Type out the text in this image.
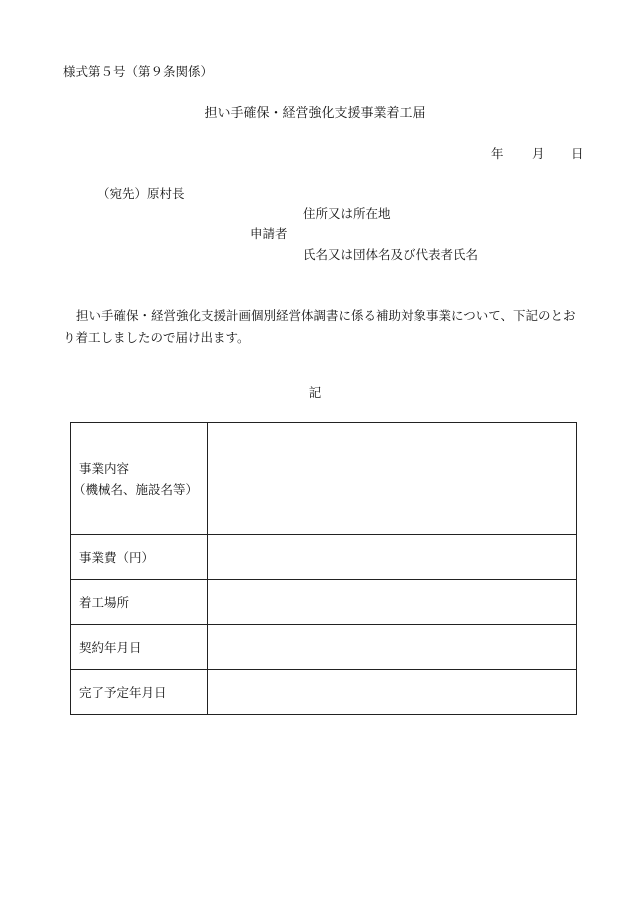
様式第５号（第９条関係）
担い手確保・経営強化支援事業着工届
年 月 日
（宛先）原村長
住所又は所在地
申請者
氏名又は団体名及び代表者氏名
担い手確保・経営強化支援計画個別経営体調書に係る補助対象事業について、下記のとおり着工しましたので届け出ます。
記
事業内容
（機械名、施設名等）	
事業費（円）	
着工場所	
契約年月日	
完了予定年月日	
